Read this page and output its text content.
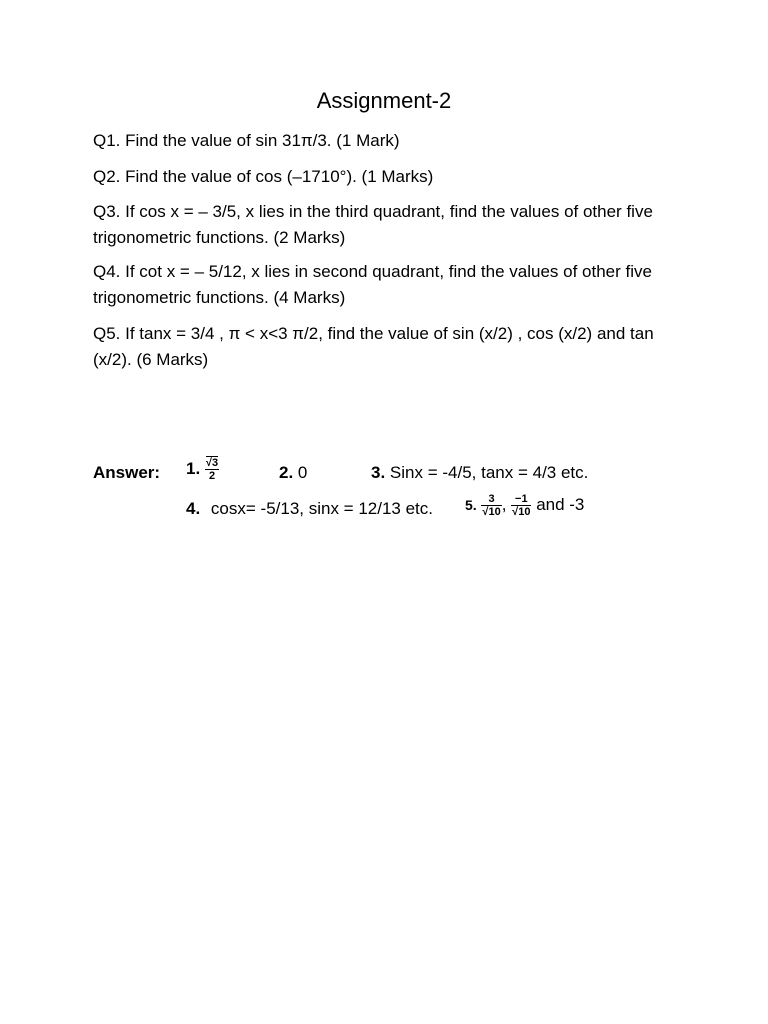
Assignment-2
Q1. Find the value of sin 31π/3. (1 Mark)
Q2. Find the value of cos (–1710°). (1 Marks)
Q3. If cos x = – 3/5, x lies in the third quadrant, find the values of other five trigonometric functions. (2 Marks)
Q4. If cot x = – 5/12, x lies in second quadrant, find the values of other five trigonometric functions. (4 Marks)
Q5. If tanx = 3/4 , π < x<3 π/2, find the value of sin (x/2) , cos (x/2) and tan (x/2). (6 Marks)
Answer: 1. $\frac{√3}{2}$	2. 0	3. Sinx = -4/5, tanx = 4/3 etc.
4. cosx= -5/13, sinx = 12/13 etc. 5. $\frac{3}{√10}$ , $\frac{-1}{√10}$ and -3
